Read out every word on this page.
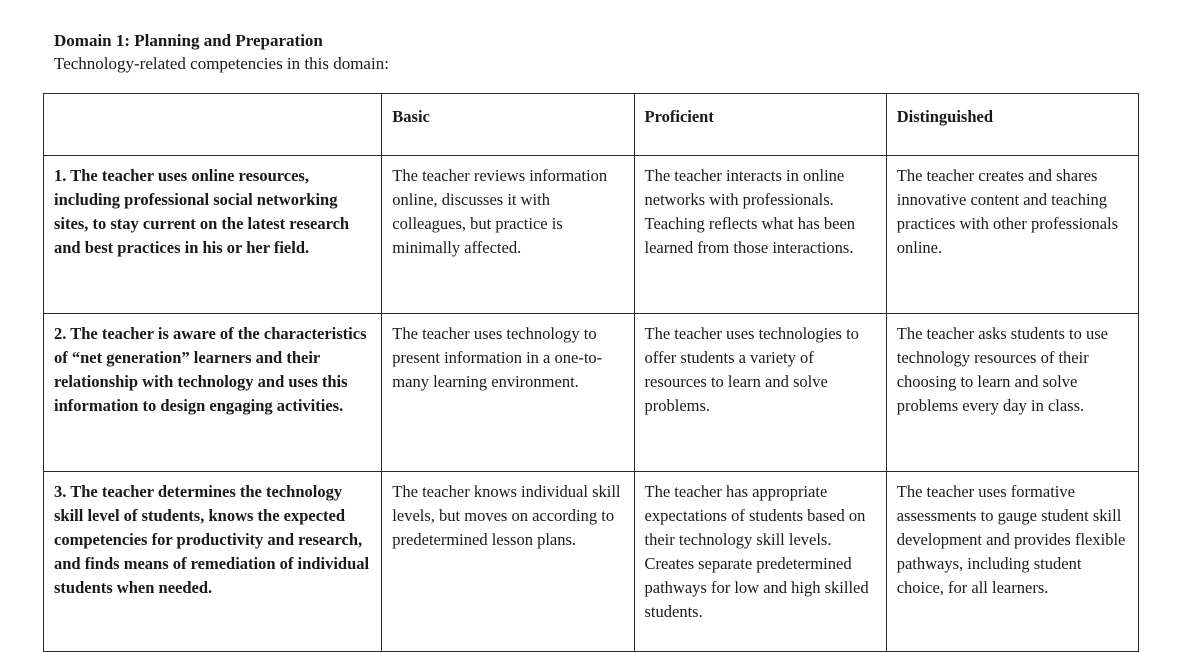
Domain 1: Planning and Preparation
Technology-related competencies in this domain:
	Basic	Proficient	Distinguished

1. The teacher uses online resources, including professional social networking sites, to stay current on the latest research and best practices in his or her field.	The teacher reviews information online, discusses it with colleagues, but practice is minimally affected.	The teacher interacts in online networks with professionals. Teaching reflects what has been learned from those interactions.	The teacher creates and shares innovative content and teaching practices with other professionals online.

2. The teacher is aware of the characteristics of “net generation” learners and their relationship with technology and uses this information to design engaging activities.	The teacher uses technology to present information in a one-to-many learning environment.	The teacher uses technologies to offer students a variety of resources to learn and solve problems.	The teacher asks students to use technology resources of their choosing to learn and solve problems every day in class.

3. The teacher determines the technology skill level of students, knows the expected competencies for productivity and research, and finds means of remediation of individual students when needed.	The teacher knows individual skill levels, but moves on according to predetermined lesson plans.	The teacher has appropriate expectations of students based on their technology skill levels. Creates separate predetermined pathways for low and high skilled students.	The teacher uses formative assessments to gauge student skill development and provides flexible pathways, including student choice, for all learners.
